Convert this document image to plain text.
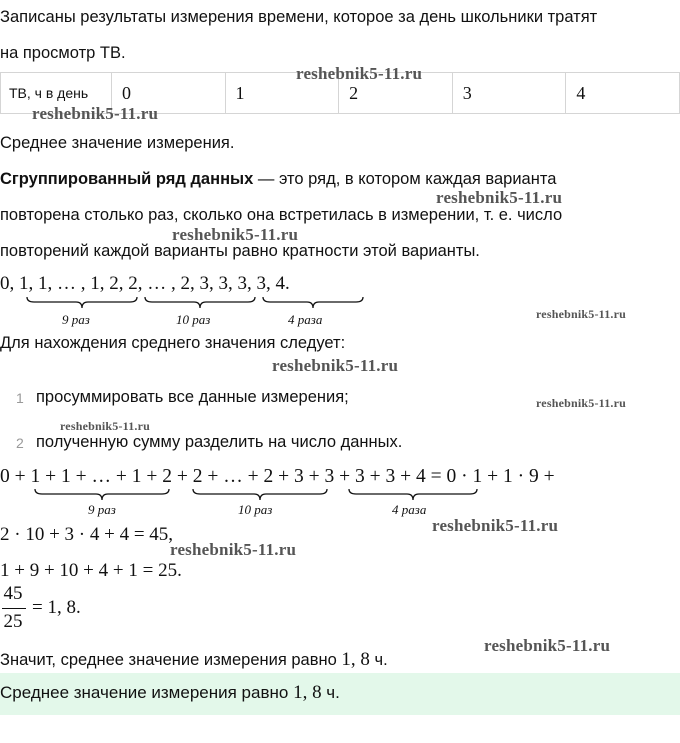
Записаны результаты измерения времени, которое за день школьники тратят
на просмотр ТВ.
ТВ, ч в день	0	1	2	3	4
Среднее значение измерения.
Сгруппированный ряд данных — это ряд, в котором каждая варианта
повторена столько раз, сколько она встретилась в измерении, т. е. число
повторений каждой варианты равно кратности этой варианты.
0, 1, 1, … , 1, 2, 2, … , 2, 3, 3, 3, 3, 4.
9 раз	10 раз	4 раза
Для нахождения среднего значения следует:
1 просуммировать все данные измерения;
2 полученную сумму разделить на число данных.
0 + 1 + 1 + … + 1 + 2 + 2 + … + 2 + 3 + 3 + 3 + 3 + 4 = 0 · 1 + 1 · 9 +
9 раз	10 раз	4 раза
2 · 10 + 3 · 4 + 4 = 45,
1 + 9 + 10 + 4 + 1 = 25.
45
25
= 1, 8.
Значит, среднее значение измерения равно 1, 8 ч.
Среднее значение измерения равно 1, 8 ч.
reshebnik5-11.ru
reshebnik5-11.ru
reshebnik5-11.ru
reshebnik5-11.ru
reshebnik5-11.ru
reshebnik5-11.ru
reshebnik5-11.ru
reshebnik5-11.ru
reshebnik5-11.ru
reshebnik5-11.ru
reshebnik5-11.ru
